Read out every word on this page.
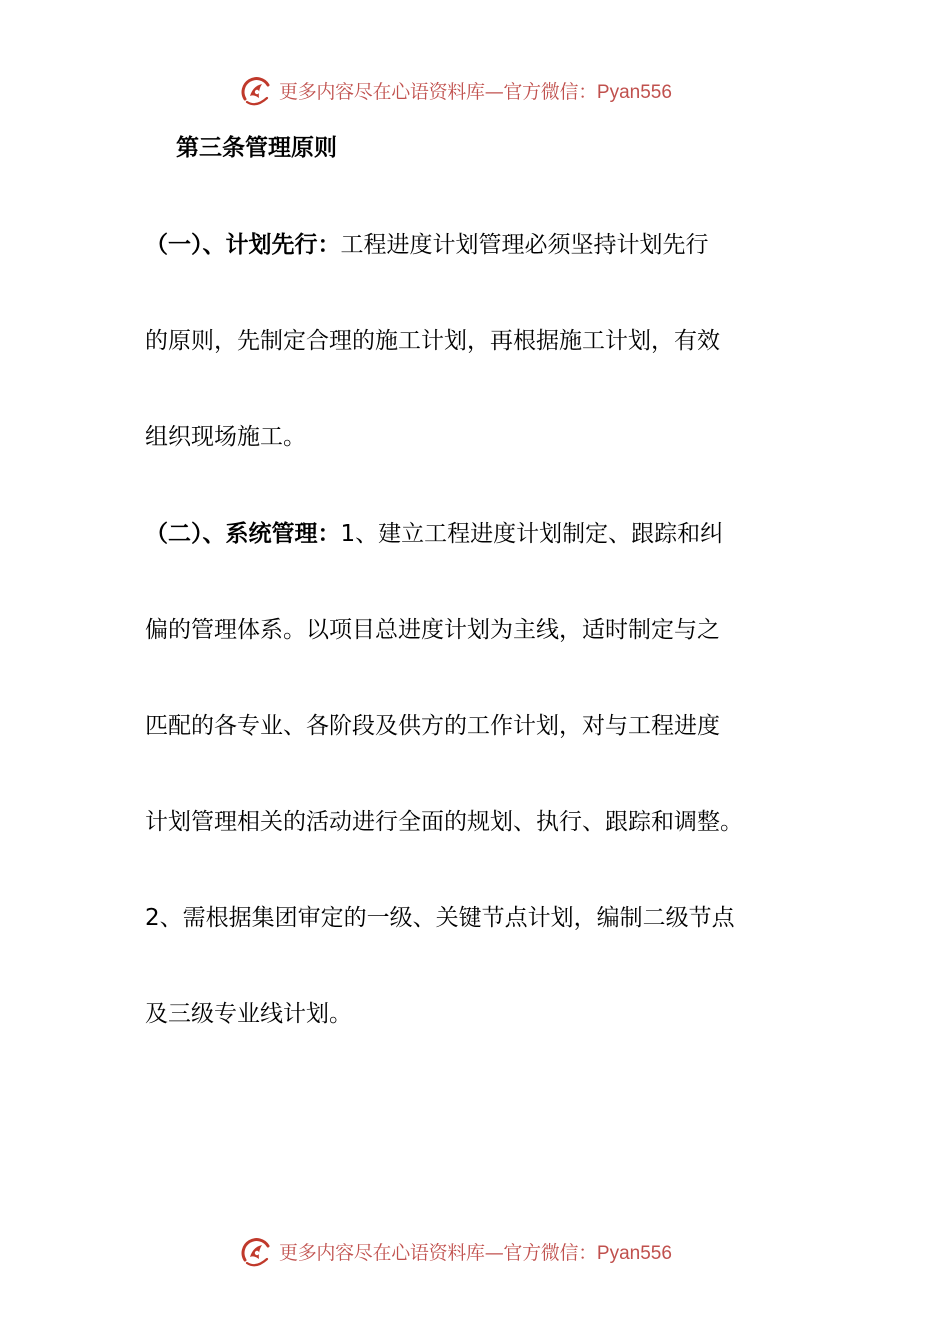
更多内容尽在心语资料库—官方微信：Pyan556
第三条管理原则
（一）、计划先行：工程进度计划管理必须坚持计划先行
的原则，先制定合理的施工计划，再根据施工计划，有效
组织现场施工。
（二）、系统管理：1、建立工程进度计划制定、跟踪和纠
偏的管理体系。以项目总进度计划为主线，适时制定与之
匹配的各专业、各阶段及供方的工作计划，对与工程进度
计划管理相关的活动进行全面的规划、执行、跟踪和调整。
2、需根据集团审定的一级、关键节点计划，编制二级节点
及三级专业线计划。
更多内容尽在心语资料库—官方微信：Pyan556
